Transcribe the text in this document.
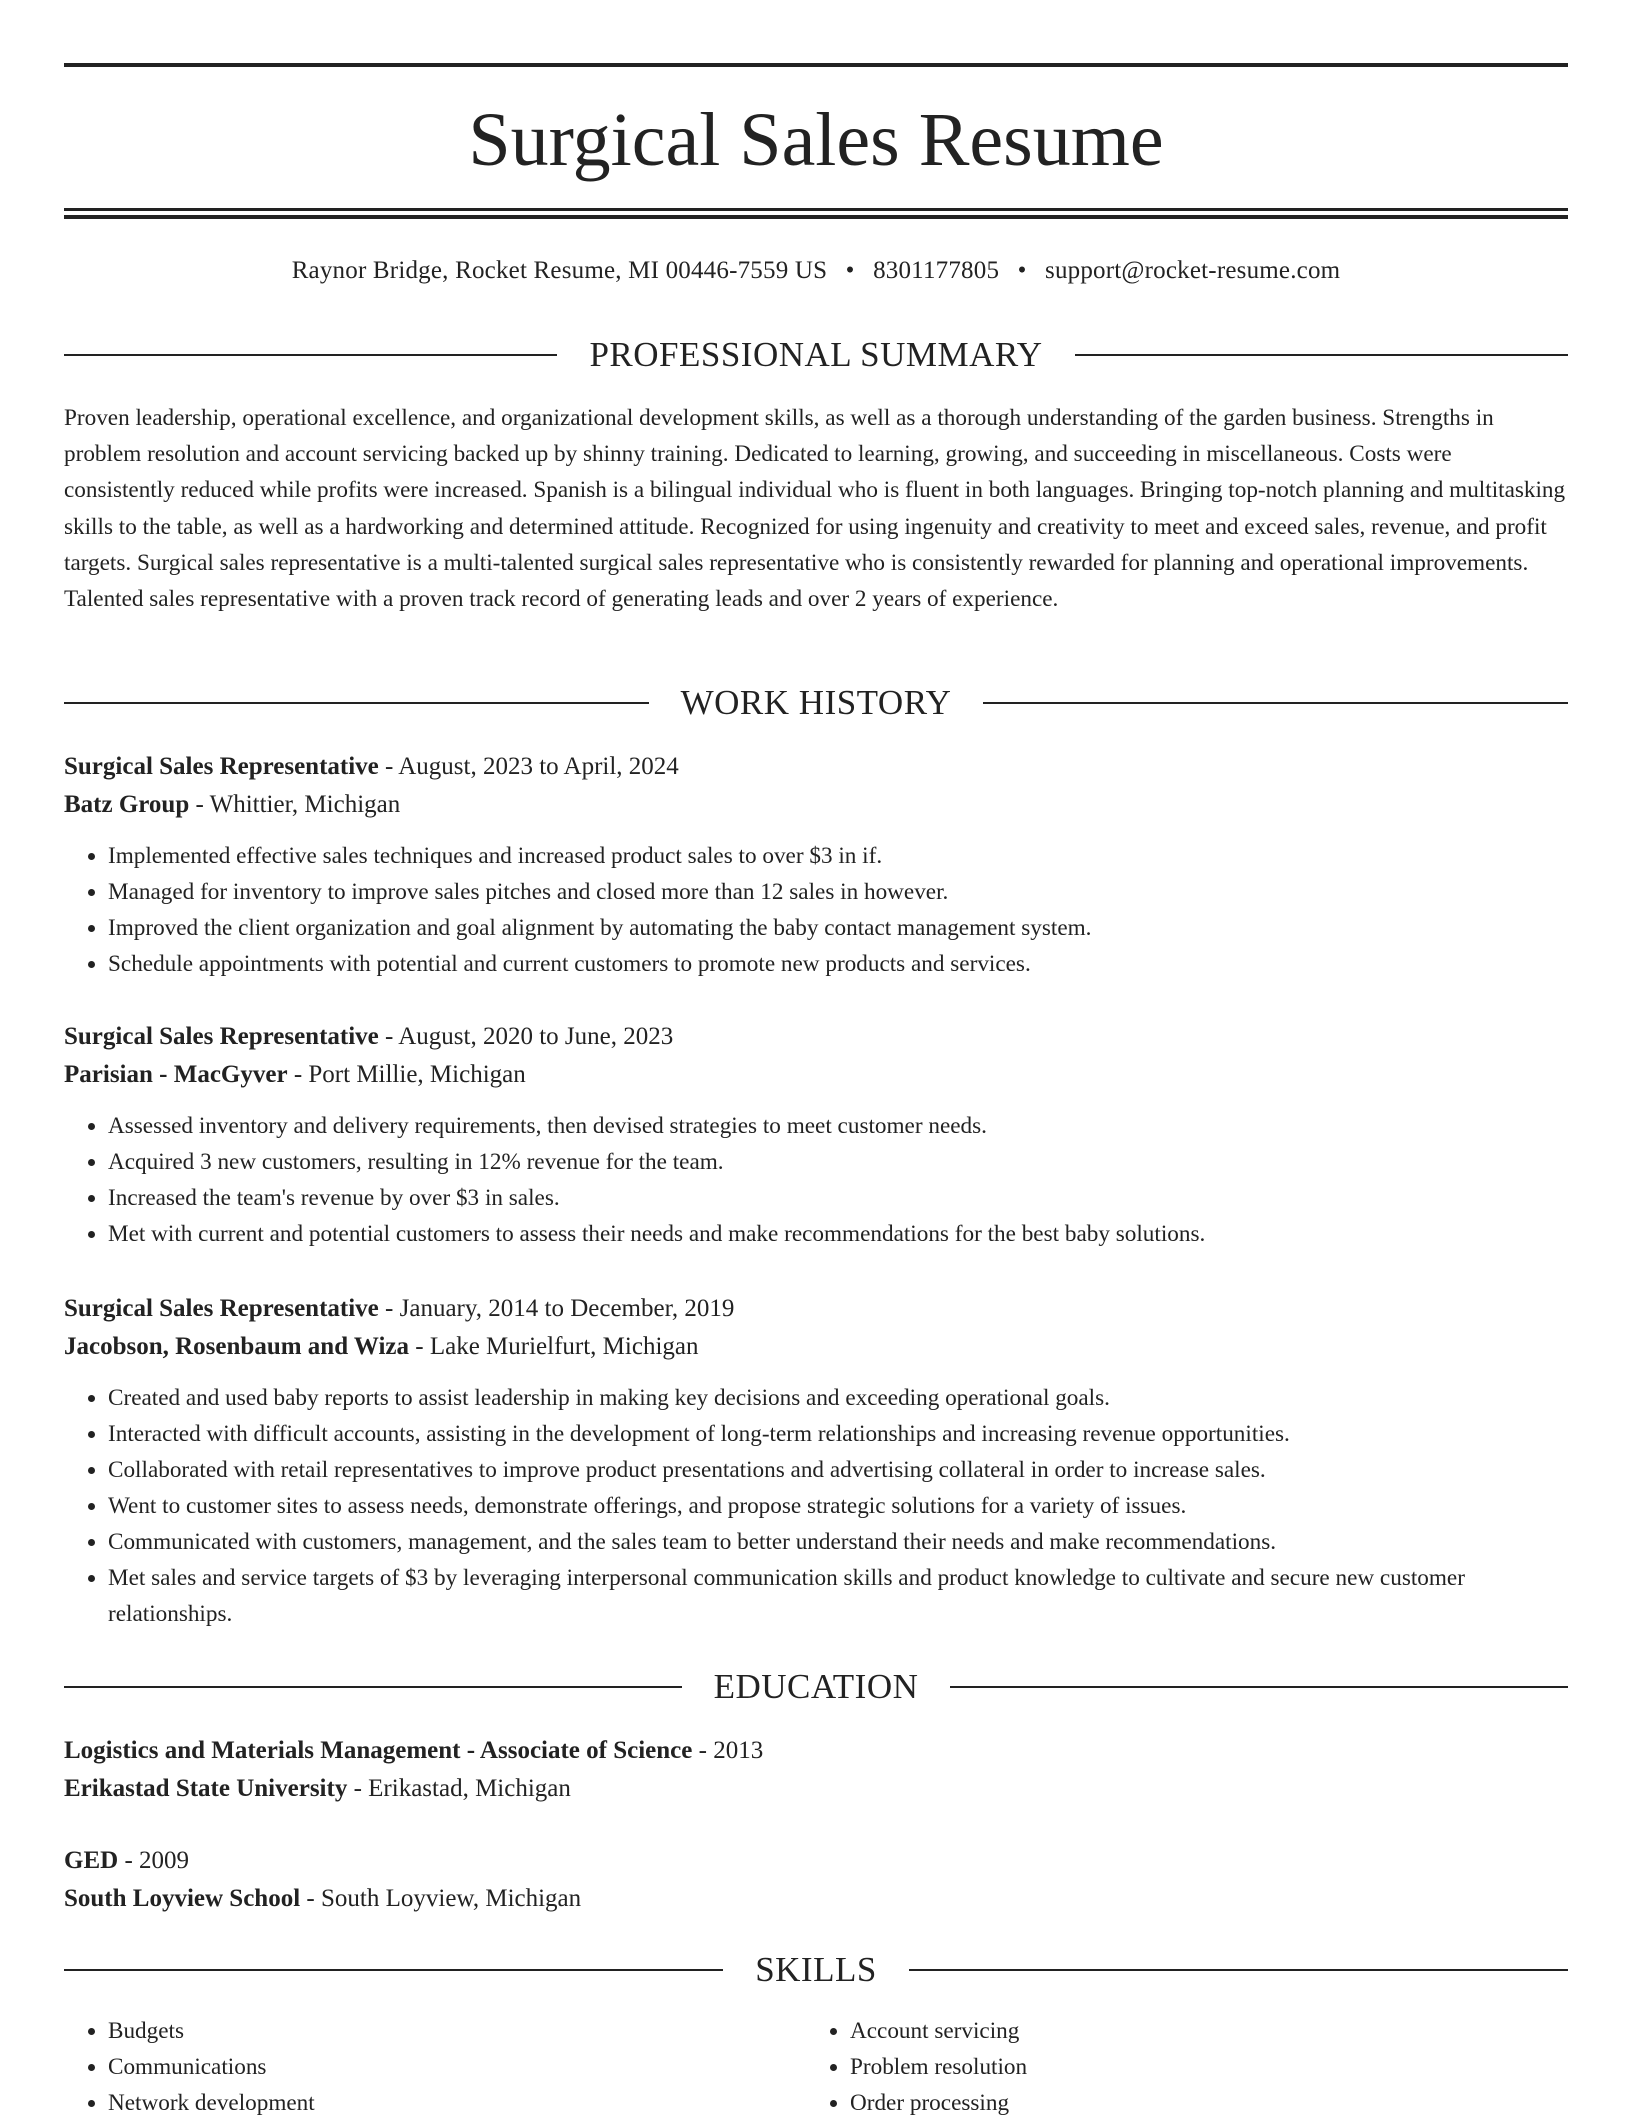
Surgical Sales Resume
Raynor Bridge, Rocket Resume, MI 00446-7559 US • 8301177805 • support@rocket-resume.com
PROFESSIONAL SUMMARY

Proven leadership, operational excellence, and organizational development skills, as well as a thorough understanding of the garden business. Strengths in problem resolution and account servicing backed up by shinny training. Dedicated to learning, growing, and succeeding in miscellaneous. Costs were consistently reduced while profits were increased. Spanish is a bilingual individual who is fluent in both languages. Bringing top-notch planning and multitasking skills to the table, as well as a hardworking and determined attitude. Recognized for using ingenuity and creativity to meet and exceed sales, revenue, and profit targets. Surgical sales representative is a multi-talented surgical sales representative who is consistently rewarded for planning and operational improvements. Talented sales representative with a proven track record of generating leads and over 2 years of experience.

WORK HISTORY
Surgical Sales Representative - August, 2023 to April, 2024
Batz Group - Whittier, Michigan
• Implemented effective sales techniques and increased product sales to over $3 in if.
• Managed for inventory to improve sales pitches and closed more than 12 sales in however.
• Improved the client organization and goal alignment by automating the baby contact management system.
• Schedule appointments with potential and current customers to promote new products and services.
Surgical Sales Representative - August, 2020 to June, 2023
Parisian - MacGyver - Port Millie, Michigan
• Assessed inventory and delivery requirements, then devised strategies to meet customer needs.
• Acquired 3 new customers, resulting in 12% revenue for the team.
• Increased the team's revenue by over $3 in sales.
• Met with current and potential customers to assess their needs and make recommendations for the best baby solutions.
Surgical Sales Representative - January, 2014 to December, 2019
Jacobson, Rosenbaum and Wiza - Lake Murielfurt, Michigan
• Created and used baby reports to assist leadership in making key decisions and exceeding operational goals.
• Interacted with difficult accounts, assisting in the development of long-term relationships and increasing revenue opportunities.
• Collaborated with retail representatives to improve product presentations and advertising collateral in order to increase sales.
• Went to customer sites to assess needs, demonstrate offerings, and propose strategic solutions for a variety of issues.
• Communicated with customers, management, and the sales team to better understand their needs and make recommendations.
• Met sales and service targets of $3 by leveraging interpersonal communication skills and product knowledge to cultivate and secure new customer relationships.
EDUCATION
Logistics and Materials Management - Associate of Science - 2013
Erikastad State University - Erikastad, Michigan
GED - 2009
South Loyview School - South Loyview, Michigan
SKILLS
• Budgets
• Communications
• Network development
• Account servicing
• Problem resolution
• Order processing
